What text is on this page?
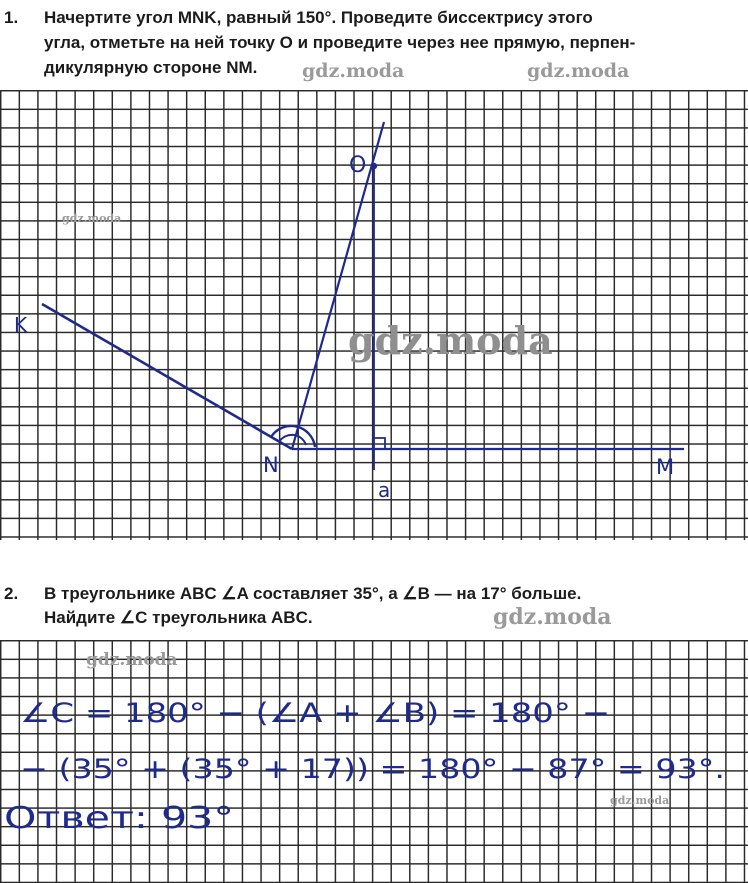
1. Начертите угол MNK, равный 150°. Проведите биссектрису этого
угла, отметьте на ней точку O и проведите через нее прямую, перпен-
дикулярную стороне NM.
O
K
N	M
a
2. В треугольнике ABC ∠A составляет 35°, а ∠B — на 17° больше.
Найдите ∠C треугольника ABC.
∠C = 180° − (∠A + ∠B) = 180° −
− (35° + (35° + 17)) = 180° − 87° = 93°.
Ответ: 93°
gdz.moda	gdz.moda
gdz.moda
gdz.moda
gdz.moda
gdz.moda
gdz.moda
